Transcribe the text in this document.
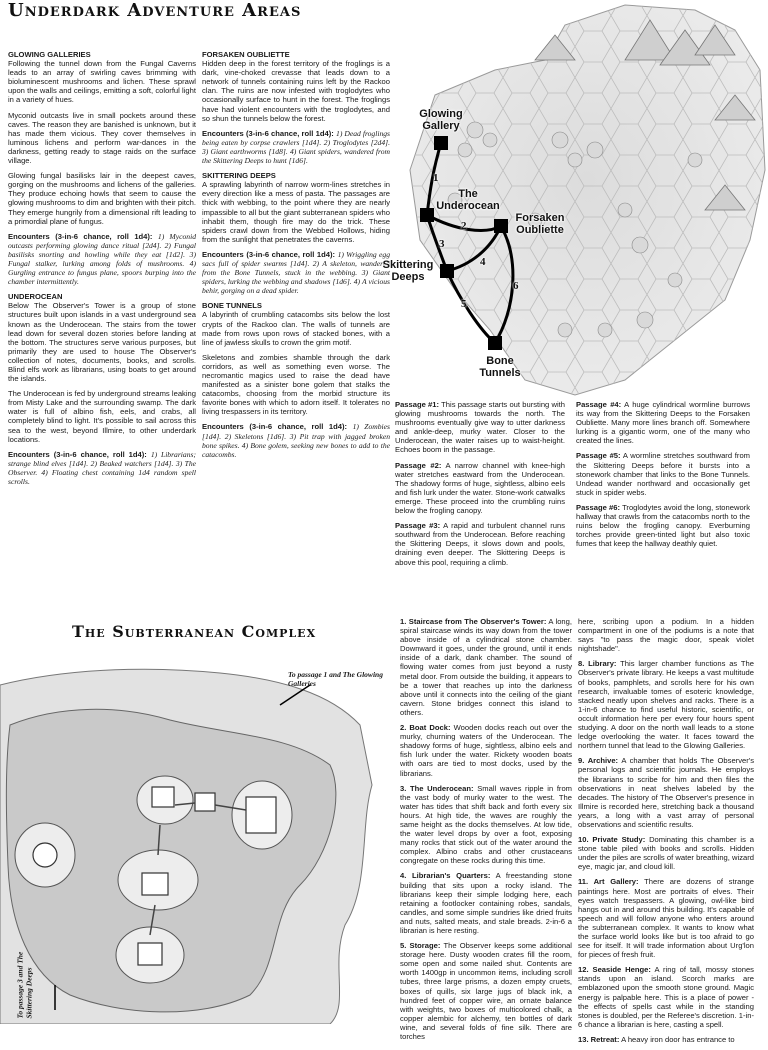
Underdark Adventure Areas
GLOWING GALLERIES

Following the tunnel down from the Fungal Caverns leads to an array of swirling caves brimming with bioluminescent mushrooms and lichen. These sprawl upon the walls and ceilings, emitting a soft, colorful light in a variety of hues.

Myconid outcasts live in small pockets around these caves. The reason they are banished is unknown, but it has made them vicious. They cover themselves in luminous lichens and perform war-dances in the darkness, getting ready to stage raids on the surface village.

Glowing fungal basilisks lair in the deepest caves, gorging on the mushrooms and lichens of the galleries. They produce echoing howls that seem to cause the glowing mushrooms to dim and brighten with their pitch. They emerge hungrily from a dimensional rift leading to a primordial plane of fungus.

Encounters (3-in-6 chance, roll 1d4): 1) Myconid outcasts performing glowing dance ritual [2d4]. 2) Fungal basilisks snorting and howling while they eat [1d2]. 3) Fungal stalker, lurking among folds of mushrooms. 4) Gurgling entrance to fungus plane, spoors burping into the chamber intermittently.

UNDEROCEAN

Below The Observer's Tower is a group of stone structures built upon islands in a vast underground sea known as the Underocean. The stairs from the tower lead down for several dozen stories before landing at the bottom. The structures serve various purposes, but primarily they are used to house The Observer's collection of notes, documents, books, and scrolls. Blind elfs work as librarians, using boats to get around the islands.

The Underocean is fed by underground streams leaking from Misty Lake and the surrounding swamp. The dark water is full of albino fish, eels, and crabs, all completely blind to light. It's possible to sail across this sea to the west, beyond Illmire, to other underdark locations.

Encounters (3-in-6 chance, roll 1d4): 1) Librarians; strange blind elves [1d4]. 2) Beaked watchers [1d4]. 3) The Observer. 4) Floating chest containing 1d4 random spell scrolls.

FORSAKEN OUBLIETTE

Hidden deep in the forest territory of the froglings is a dark, vine-choked crevasse that leads down to a network of tunnels containing ruins left by the Rackoo clan. The ruins are now infested with troglodytes who occasionally surface to hunt in the forest. The froglings have had violent encounters with the troglodytes, and so shun the tunnels below the forest.

Encounters (3-in-6 chance, roll 1d4): 1) Dead froglings being eaten by corpse crawlers [1d4]. 2) Troglodytes [2d4]. 3) Giant earthworms [1d8]. 4) Giant spiders, wandered from the Skittering Deeps to hunt [1d6].

SKITTERING DEEPS

A sprawling labyrinth of narrow worm-lines stretches in every direction like a mess of pasta. The passages are thick with webbing, to the point where they are nearly impassible to all but the giant subterranean spiders who inhabit them, though fire may do the trick. These spiders crawl down from the Webbed Hollows, hiding from the sunlight that penetrates the caverns.

Encounters (3-in-6 chance, roll 1d4): 1) Wriggling egg sacs full of spider swarms [1d4]. 2) A skeleton, wandered from the Bone Tunnels, stuck in the webbing. 3) Giant spiders, lurking the webbing and shadows [1d6]. 4) A vicious behir, gorging on a dead spider.

BONE TUNNELS

A labyrinth of crumbling catacombs sits below the lost crypts of the Rackoo clan. The walls of tunnels are made from rows upon rows of stacked bones, with a line of jawless skulls to crown the grim motif.

Skeletons and zombies shamble through the dark corridors, as well as something even worse. The necromantic magics used to raise the dead have manifested as a sinister bone golem that stalks the catacombs, choosing from the morbid structure its favorite bones with which to adorn itself. It tolerates no living trespassers in its territory.

Encounters (3-in-6 chance, roll 1d4): 1) Zombies [1d4]. 2) Skeletons [1d6]. 3) Pit trap with jagged broken bone spikes. 4) Bone golem, seeking new bones to add to the catacombs.

Glowing Gallery
The Underocean
Forsaken Oubliette
Skittering Deeps
Bone Tunnels
1
2
3
4
5
6

Passage #1: This passage starts out bursting with glowing mushrooms towards the north. The mushrooms eventually give way to utter darkness and ankle-deep, murky water. Closer to the Underocean, the water raises up to waist-height. Echoes boom in the passage.

Passage #2: A narrow channel with knee-high water stretches eastward from the Underocean. The shadowy forms of huge, sightless, albino eels and fish lurk under the water. Stone-work catwalks emerge. These proceed into the crumbling ruins below the frogling canopy.

Passage #3: A rapid and turbulent channel runs southward from the Underocean. Before reaching the Skittering Deeps, it slows down and pools, draining even deeper. The Skittering Deeps is above this pool, requiring a climb.

Passage #4: A huge cylindrical wormline burrows its way from the Skittering Deeps to the Forsaken Oubliette. Many more lines branch off. Somewhere lurking is a gigantic worm, one of the many who created the lines.

Passage #5: A wormline stretches southward from the Skittering Deeps before it bursts into a stonework chamber that links to the Bone Tunnels. Undead wander northward and occasionally get stuck in spider webs.

Passage #6: Troglodytes avoid the long, stonework hallway that crawls from the catacombs north to the ruins below the frogling canopy. Everburning torches provide green-tinted light but also toxic fumes that keep the hallway deathly quiet.

The Subterranean Complex
To passage 1 and The Glowing Galleries
To passage 3 and The Skittering Deeps

1. Staircase from The Observer's Tower: A long, spiral staircase winds its way down from the tower above inside of a cylindrical stone chamber. Downward it goes, under the ground, until it ends inside of a dark, dank chamber. The sound of flowing water comes from just beyond a rusty metal door. From outside the building, it appears to be a tower that reaches up into the darkness above until it connects into the ceiling of the giant cavern. Stone bridges connect this island to others.

2. Boat Dock: Wooden docks reach out over the murky, churning waters of the Underocean. The shadowy forms of huge, sightless, albino eels and fish lurk under the water. Rickety wooden boats with oars are tied to most docks, used by the librarians.

3. The Underocean: Small waves ripple in from the vast body of murky water to the west. The water has tides that shift back and forth every six hours. At high tide, the waves are roughly the same height as the docks themselves. At low tide, the water level drops by over a foot, exposing many rocks that stick out of the water around the complex. Albino crabs and other crustaceans congregate on these rocks during this time.

4. Librarian's Quarters: A freestanding stone building that sits upon a rocky island. The librarians keep their simple lodging here, each retaining a footlocker containing robes, sandals, candles, and some simple sundries like dried fruits and nuts, salted meats, and stale breads. 2-in-6 a librarian is here resting.

5. Storage: The Observer keeps some additional storage here. Dusty wooden crates fill the room, some open and some nailed shut. Contents are worth 1400gp in uncommon items, including scroll tubes, three large prisms, a dozen empty cruets, boxes of quills, six large jugs of black ink, a hundred feet of copper wire, an ornate balance with weights, two boxes of multicolored chalk, a copper alembic for alchemy, ten bottles of dark wine, and several folds of fine silk. There are torches

here, scribing upon a podium. In a hidden compartment in one of the podiums is a note that says "to pass the magic door, speak violet nightshade".

8. Library: This larger chamber functions as The Observer's private library. He keeps a vast multitude of books, pamphlets, and scrolls here for his own research, invaluable tomes of esoteric knowledge, stacked neatly upon shelves and racks. There is a 1-in-6 chance to find useful historic, scientific, or occult information here per every four hours spent studying. A door on the north wall leads to a stone ledge overlooking the water. It faces toward the northern tunnel that lead to the Glowing Galleries.

9. Archive: A chamber that holds The Observer's personal logs and scientific journals. He employs the librarians to scribe for him and then files the observations in neat shelves labeled by the decades. The history of The Observer's presence in Illmire is recorded here, stretching back a thousand years, a long with a vast array of personal observations and scientific results.

10. Private Study: Dominating this chamber is a stone table piled with books and scrolls. Hidden under the piles are scrolls of water breathing, wizard eye, magic jar, and cloud kill.

11. Art Gallery: There are dozens of strange paintings here. Most are portraits of elves. Their eyes watch trespassers. A glowing, owl-like bird hangs out in and around this building. It's capable of speech and will follow anyone who enters around the subterranean complex. It wants to know what the surface world looks like but is too afraid to go see for itself. It will trade information about Urg'lon for pieces of fresh fruit.

12. Seaside Henge: A ring of tall, mossy stones stands upon an island. Scorch marks are emblazoned upon the smooth stone ground. Magic energy is palpable here. This is a place of power - the effects of spells cast while in the standing stones is doubled, per the Referee's discretion. 1-in-6 chance a librarian is here, casting a spell.

13. Retreat: A heavy iron door has entrance to
